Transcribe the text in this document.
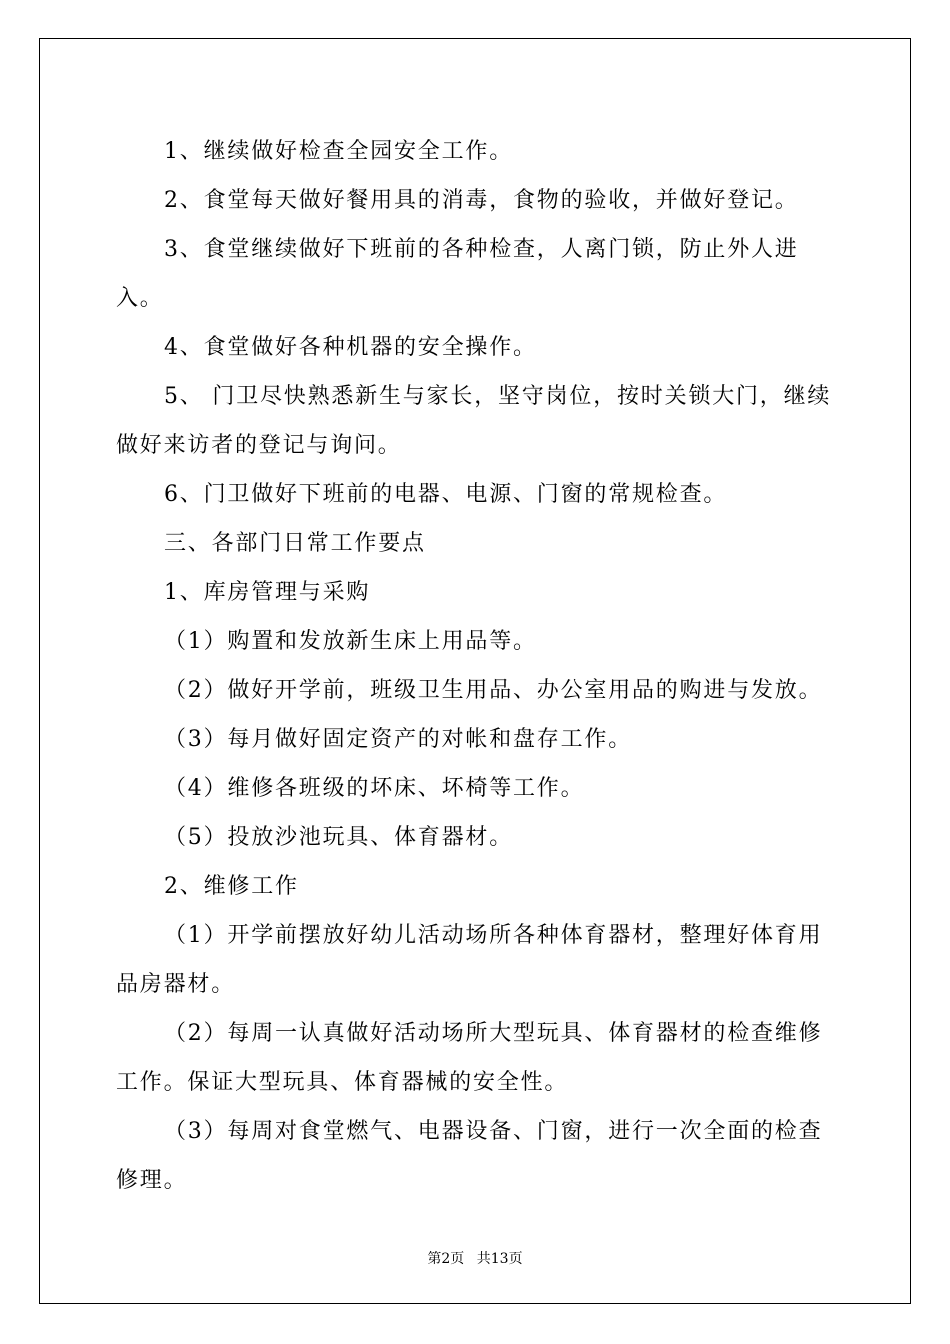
1、继续做好检查全园安全工作。

2、食堂每天做好餐用具的消毒，食物的验收，并做好登记。

3、食堂继续做好下班前的各种检查，人离门锁，防止外人进入。

4、食堂做好各种机器的安全操作。

5、 门卫尽快熟悉新生与家长，坚守岗位，按时关锁大门，继续做好来访者的登记与询问。

6、门卫做好下班前的电器、电源、门窗的常规检查。

三、各部门日常工作要点

1、库房管理与采购

（1）购置和发放新生床上用品等。

（2）做好开学前，班级卫生用品、办公室用品的购进与发放。

（3）每月做好固定资产的对帐和盘存工作。

（4）维修各班级的坏床、坏椅等工作。

（5）投放沙池玩具、体育器材。

2、维修工作

（1）开学前摆放好幼儿活动场所各种体育器材，整理好体育用品房器材。

（2）每周一认真做好活动场所大型玩具、体育器材的检查维修工作。保证大型玩具、体育器械的安全性。

（3）每周对食堂燃气、电器设备、门窗，进行一次全面的检查修理。

第2页 共13页
